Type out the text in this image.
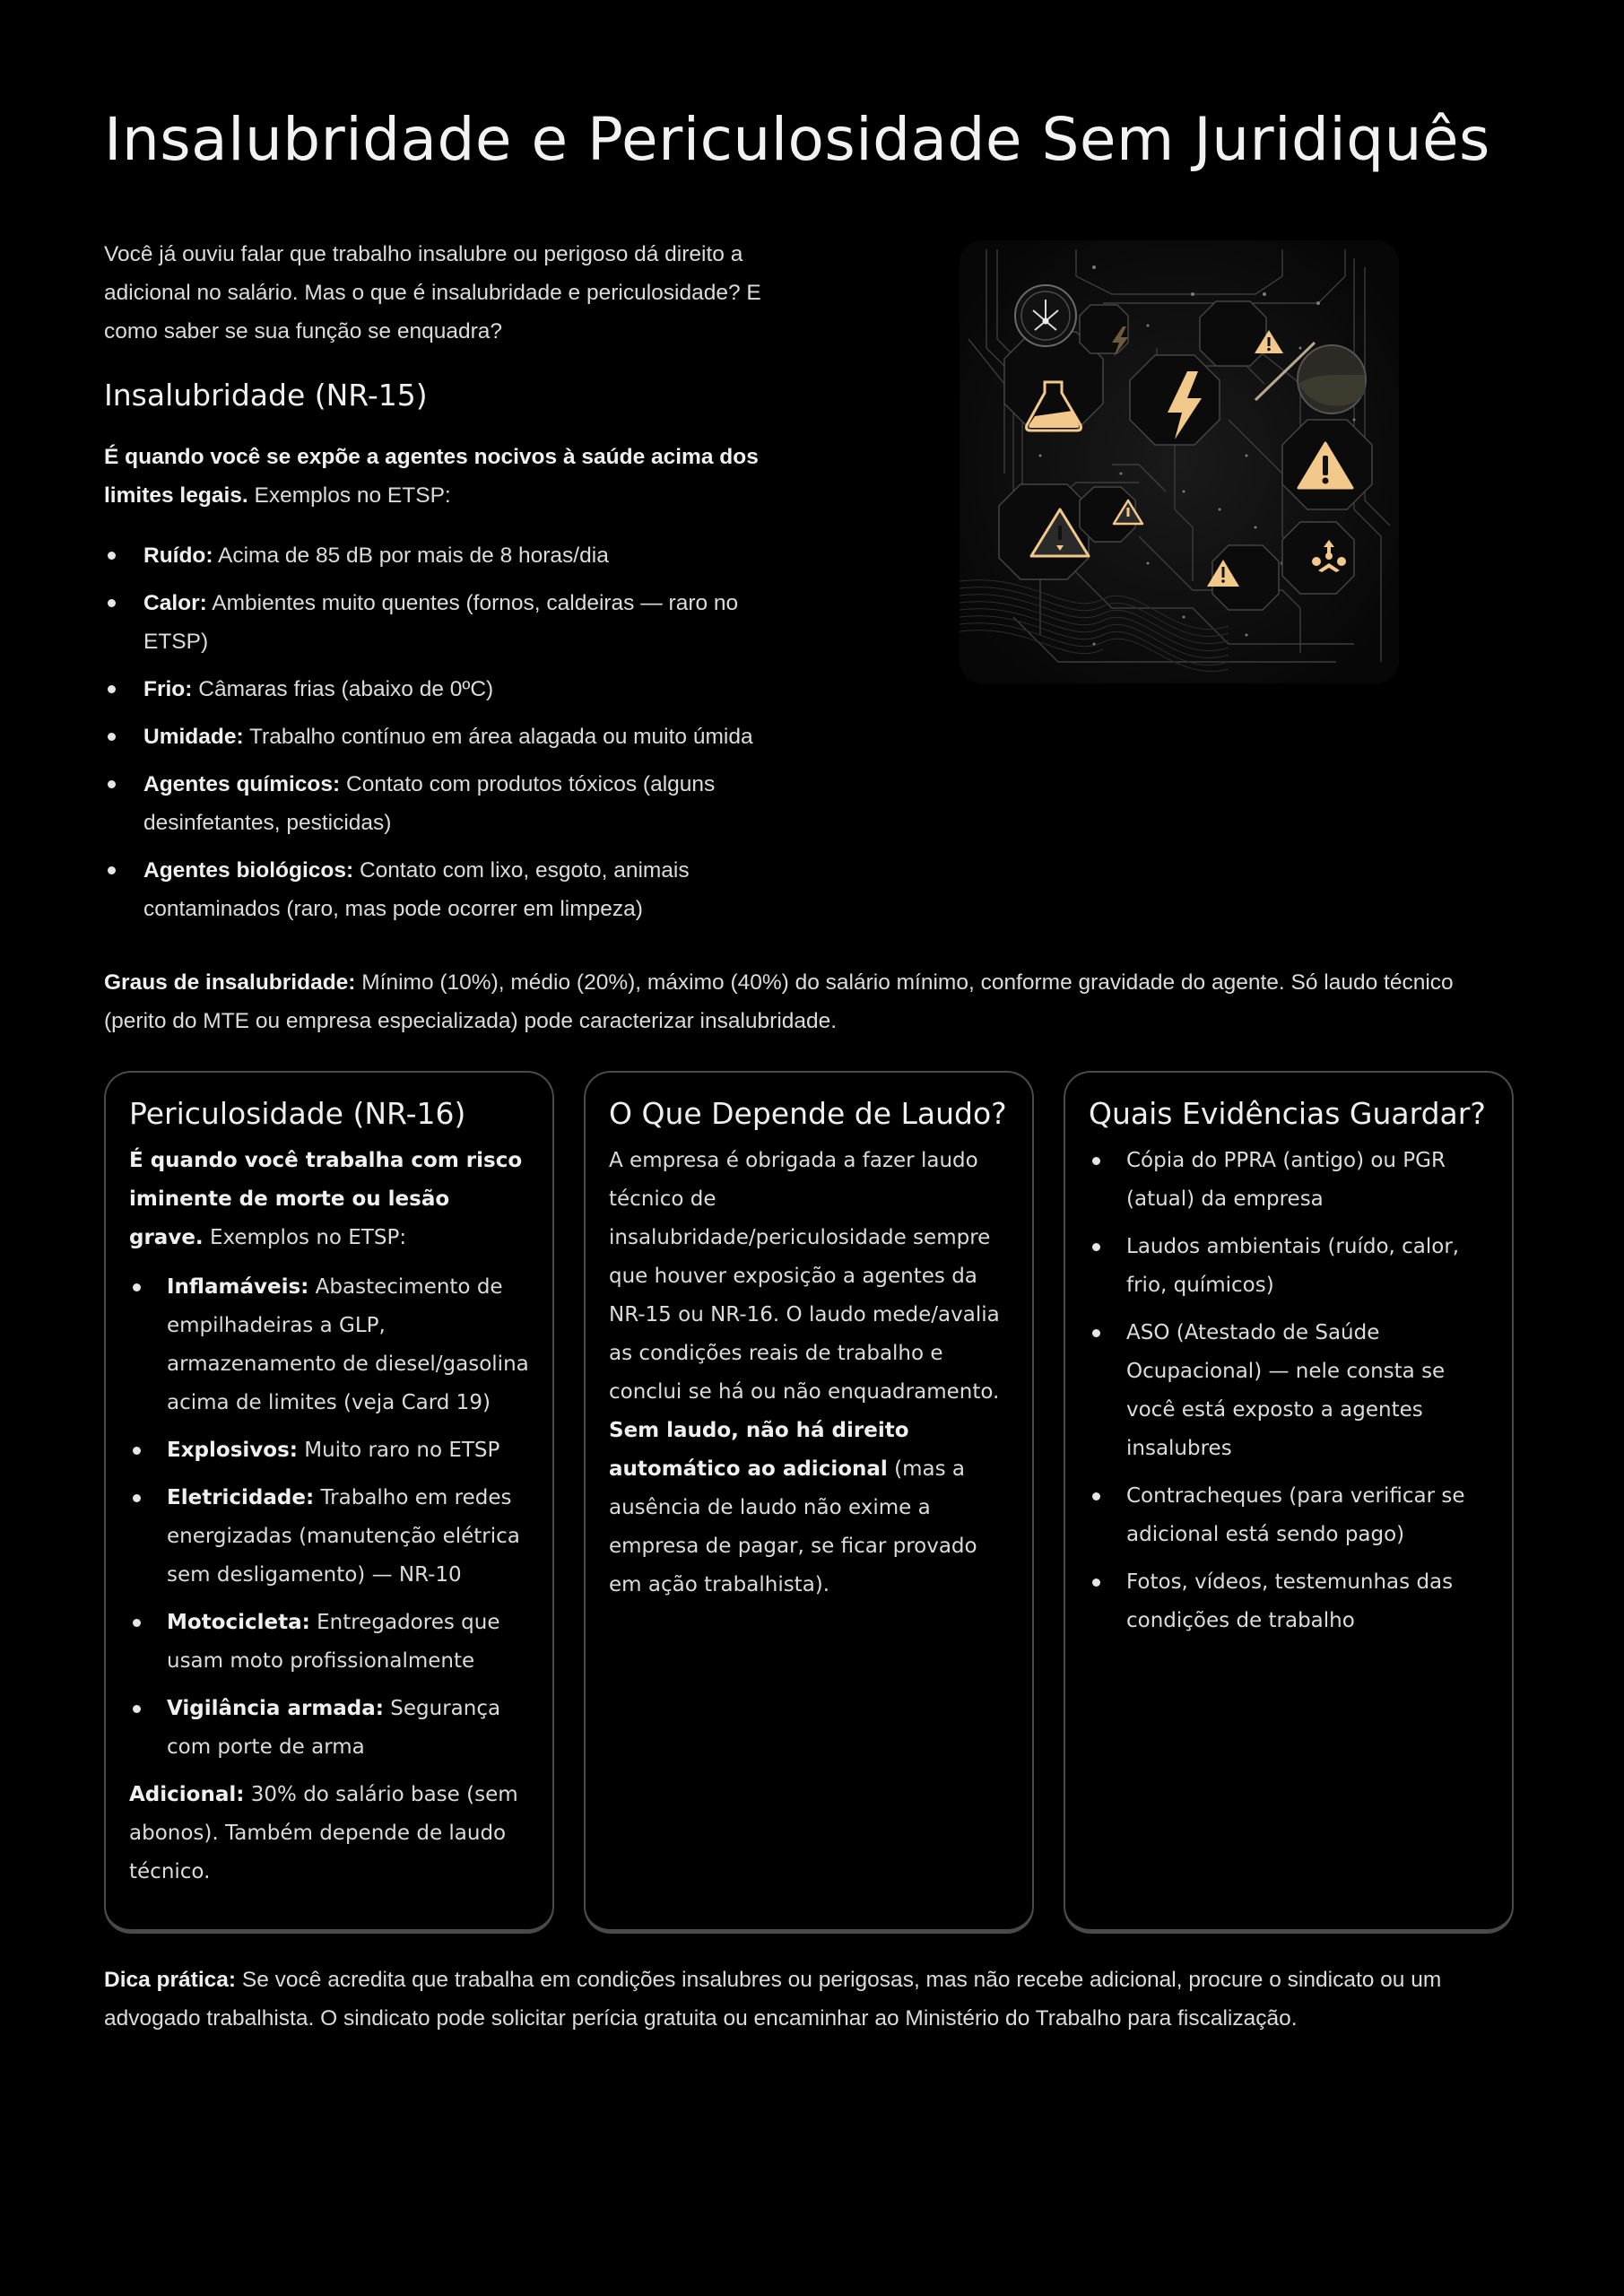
Insalubridade e Periculosidade Sem Juridiquês

Você já ouviu falar que trabalho insalubre ou perigoso dá direito a adicional no salário. Mas o que é insalubridade e periculosidade? E como saber se sua função se enquadra?

Insalubridade (NR-15)

É quando você se expõe a agentes nocivos à saúde acima dos limites legais. Exemplos no ETSP:

Ruído: Acima de 85 dB por mais de 8 horas/dia
Calor: Ambientes muito quentes (fornos, caldeiras — raro no ETSP)
Frio: Câmaras frias (abaixo de 0ºC)
Umidade: Trabalho contínuo em área alagada ou muito úmida
Agentes químicos: Contato com produtos tóxicos (alguns desinfetantes, pesticidas)
Agentes biológicos: Contato com lixo, esgoto, animais contaminados (raro, mas pode ocorrer em limpeza)

Graus de insalubridade: Mínimo (10%), médio (20%), máximo (40%) do salário mínimo, conforme gravidade do agente. Só laudo técnico (perito do MTE ou empresa especializada) pode caracterizar insalubridade.

Periculosidade (NR-16)

É quando você trabalha com risco iminente de morte ou lesão grave. Exemplos no ETSP:

Inflamáveis: Abastecimento de empilhadeiras a GLP, armazenamento de diesel/gasolina acima de limites (veja Card 19)
Explosivos: Muito raro no ETSP
Eletricidade: Trabalho em redes energizadas (manutenção elétrica sem desligamento) — NR-10
Motocicleta: Entregadores que usam moto profissionalmente
Vigilância armada: Segurança com porte de arma

Adicional: 30% do salário base (sem abonos). Também depende de laudo técnico.

O Que Depende de Laudo?

A empresa é obrigada a fazer laudo técnico de insalubridade/periculosidade sempre que houver exposição a agentes da NR-15 ou NR-16. O laudo mede/avalia as condições reais de trabalho e conclui se há ou não enquadramento. Sem laudo, não há direito automático ao adicional (mas a ausência de laudo não exime a empresa de pagar, se ficar provado em ação trabalhista).

Quais Evidências Guardar?
Cópia do PPRA (antigo) ou PGR (atual) da empresa
Laudos ambientais (ruído, calor, frio, químicos)
ASO (Atestado de Saúde Ocupacional) — nele consta se você está exposto a agentes insalubres
Contracheques (para verificar se adicional está sendo pago)
Fotos, vídeos, testemunhas das condições de trabalho

Dica prática: Se você acredita que trabalha em condições insalubres ou perigosas, mas não recebe adicional, procure o sindicato ou um advogado trabalhista. O sindicato pode solicitar perícia gratuita ou encaminhar ao Ministério do Trabalho para fiscalização.
